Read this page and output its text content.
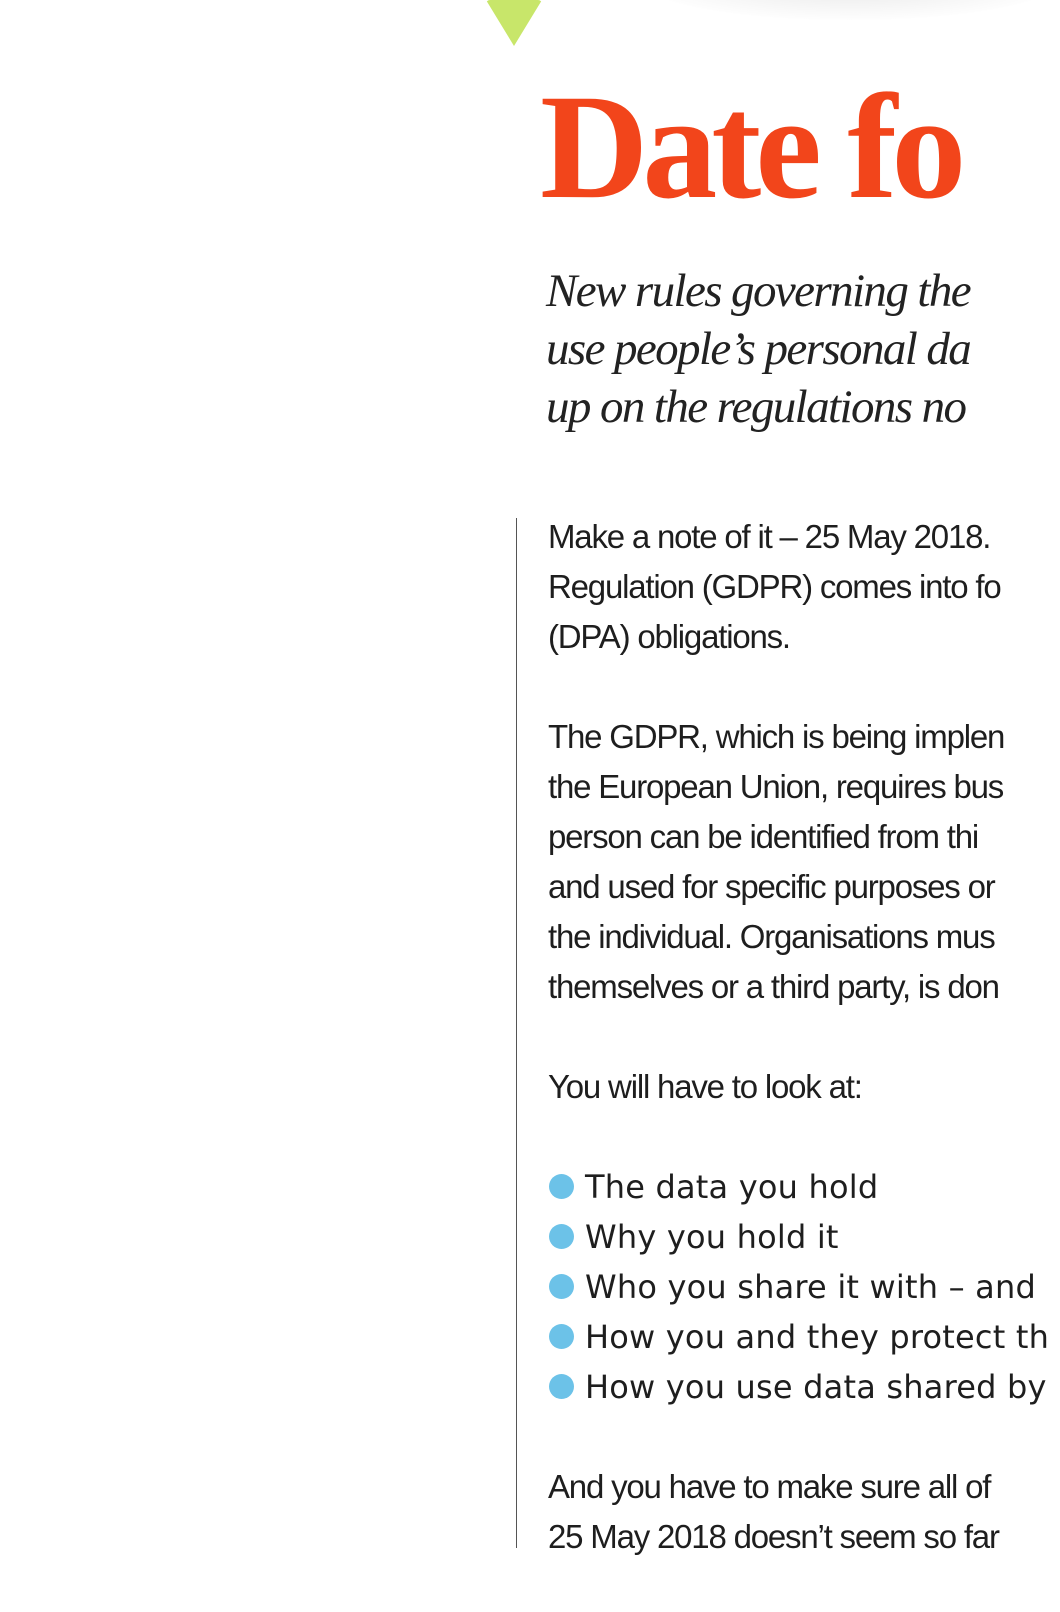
Date fo
New rules governing the
use people’s personal da
up on the regulations no

Make a note of it – 25 May 2018.
Regulation (GDPR) comes into fo
(DPA) obligations.

The GDPR, which is being implen
the European Union, requires bus
person can be identified from thi
and used for specific purposes or
the individual. Organisations mus
themselves or a third party, is don

You will have to look at:

The data you hold
Why you hold it
Who you share it with – and
How you and they protect th
How you use data shared by

And you have to make sure all of
25 May 2018 doesn’t seem so far
